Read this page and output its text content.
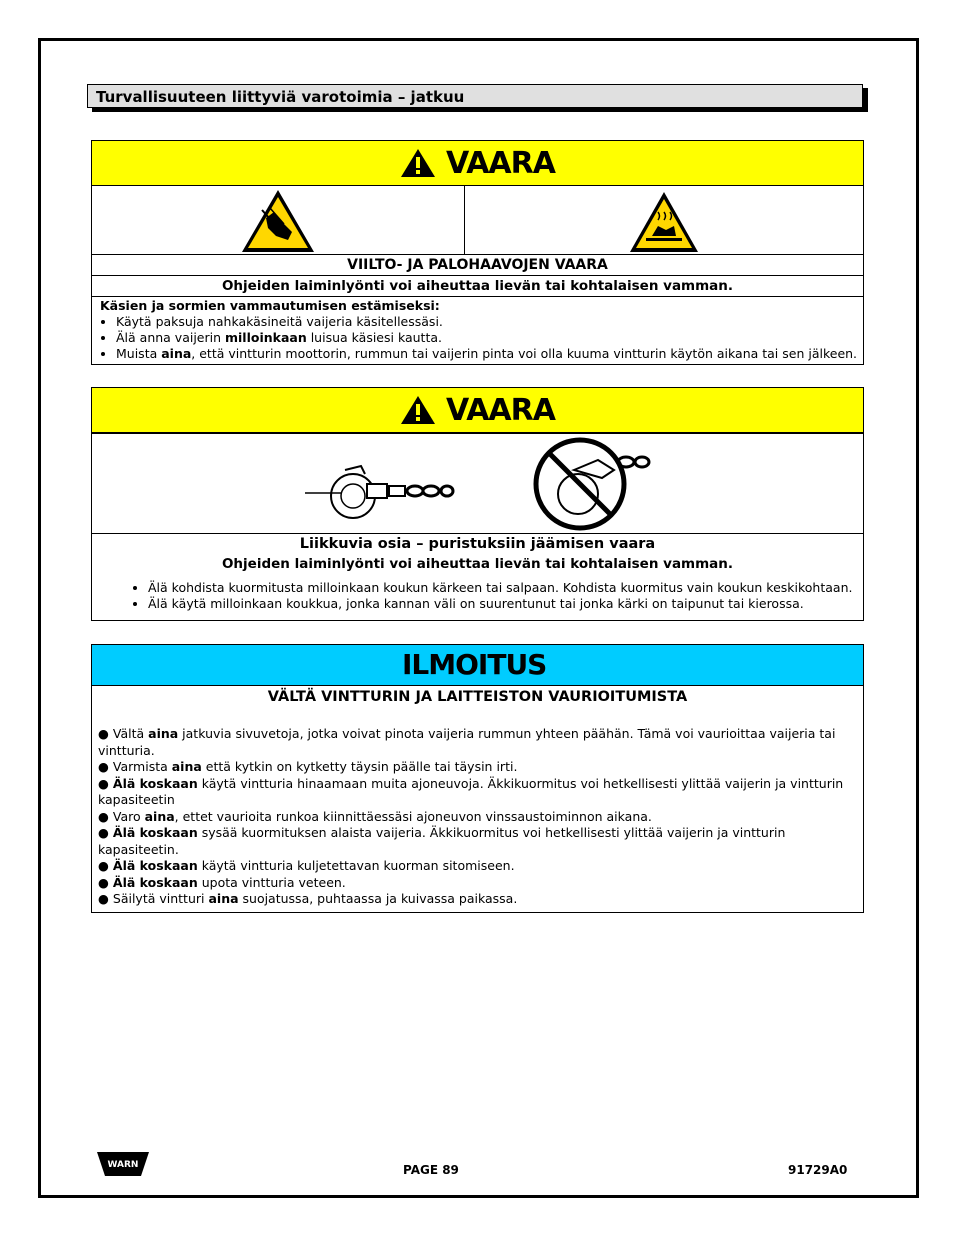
Turvallisuuteen liittyviä varotoimia – jatkuu
VAARA
VIILTO- JA PALOHAAVOJEN VAARA
Ohjeiden laiminlyönti voi aiheuttaa lievän tai kohtalaisen vamman.
Käsien ja sormien vammautumisen estämiseksi:
• Käytä paksuja nahkakäsineitä vaijeria käsitellessäsi.
• Älä anna vaijerin milloinkaan luisua käsiesi kautta.
• Muista aina, että vintturin moottorin, rummun tai vaijerin pinta voi olla kuuma vintturin käytön aikana tai sen jälkeen.
VAARA
Liikkuvia osia – puristuksiin jäämisen vaara
Ohjeiden laiminlyönti voi aiheuttaa lievän tai kohtalaisen vamman.
• Älä kohdista kuormitusta milloinkaan koukun kärkeen tai salpaan. Kohdista kuormitus vain koukun keskikohtaan.
• Älä käytä milloinkaan koukkua, jonka kannan väli on suurentunut tai jonka kärki on taipunut tai kierossa.
ILMOITUS
VÄLTÄ VINTTURIN JA LAITTEISTON VAURIOITUMISTA
● Vältä aina jatkuvia sivuvetoja, jotka voivat pinota vaijeria rummun yhteen päähän. Tämä voi vaurioittaa vaijeria tai vintturia.
● Varmista aina että kytkin on kytketty täysin päälle tai täysin irti.
● Älä koskaan käytä vintturia hinaamaan muita ajoneuvoja. Äkkikuormitus voi hetkellisesti ylittää vaijerin ja vintturin kapasiteetin
● Varo aina, ettet vaurioita runkoa kiinnittäessäsi ajoneuvon vinssaustoiminnon aikana.
● Älä koskaan sysää kuormituksen alaista vaijeria. Äkkikuormitus voi hetkellisesti ylittää vaijerin ja vintturin kapasiteetin.
● Älä koskaan käytä vintturia kuljetettavan kuorman sitomiseen.
● Älä koskaan upota vintturia veteen.
● Säilytä vintturi aina suojatussa, puhtaassa ja kuivassa paikassa.
WARN	PAGE 89	91729A0
